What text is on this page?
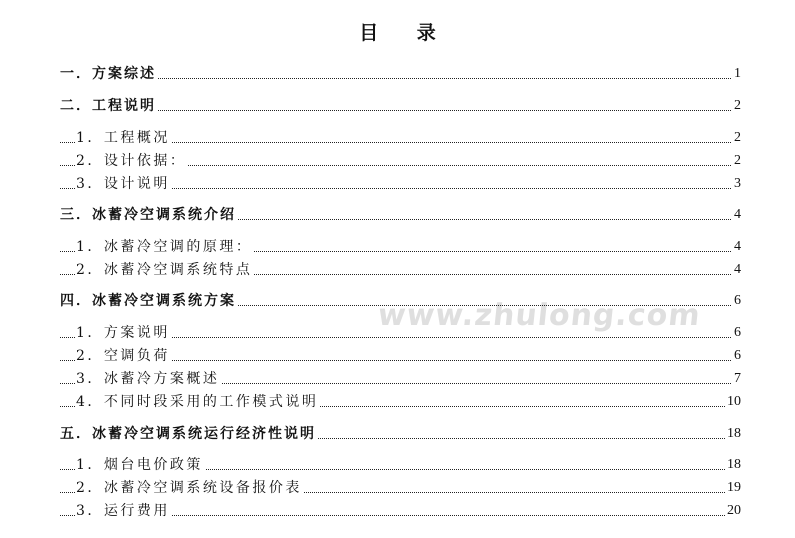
目 录
www.zhulong.com
一．方案综述	1
二．工程说明	2
1．工程概况	2
2．设计依据：	2
3．设计说明	3
三．冰蓄冷空调系统介绍	4
1．冰蓄冷空调的原理：	4
2．冰蓄冷空调系统特点	4
四．冰蓄冷空调系统方案	6
1．方案说明	6
2．空调负荷	6
3．冰蓄冷方案概述	7
4．不同时段采用的工作模式说明	10
五．冰蓄冷空调系统运行经济性说明	18
1．烟台电价政策	18
2．冰蓄冷空调系统设备报价表	19
3．运行费用	20
